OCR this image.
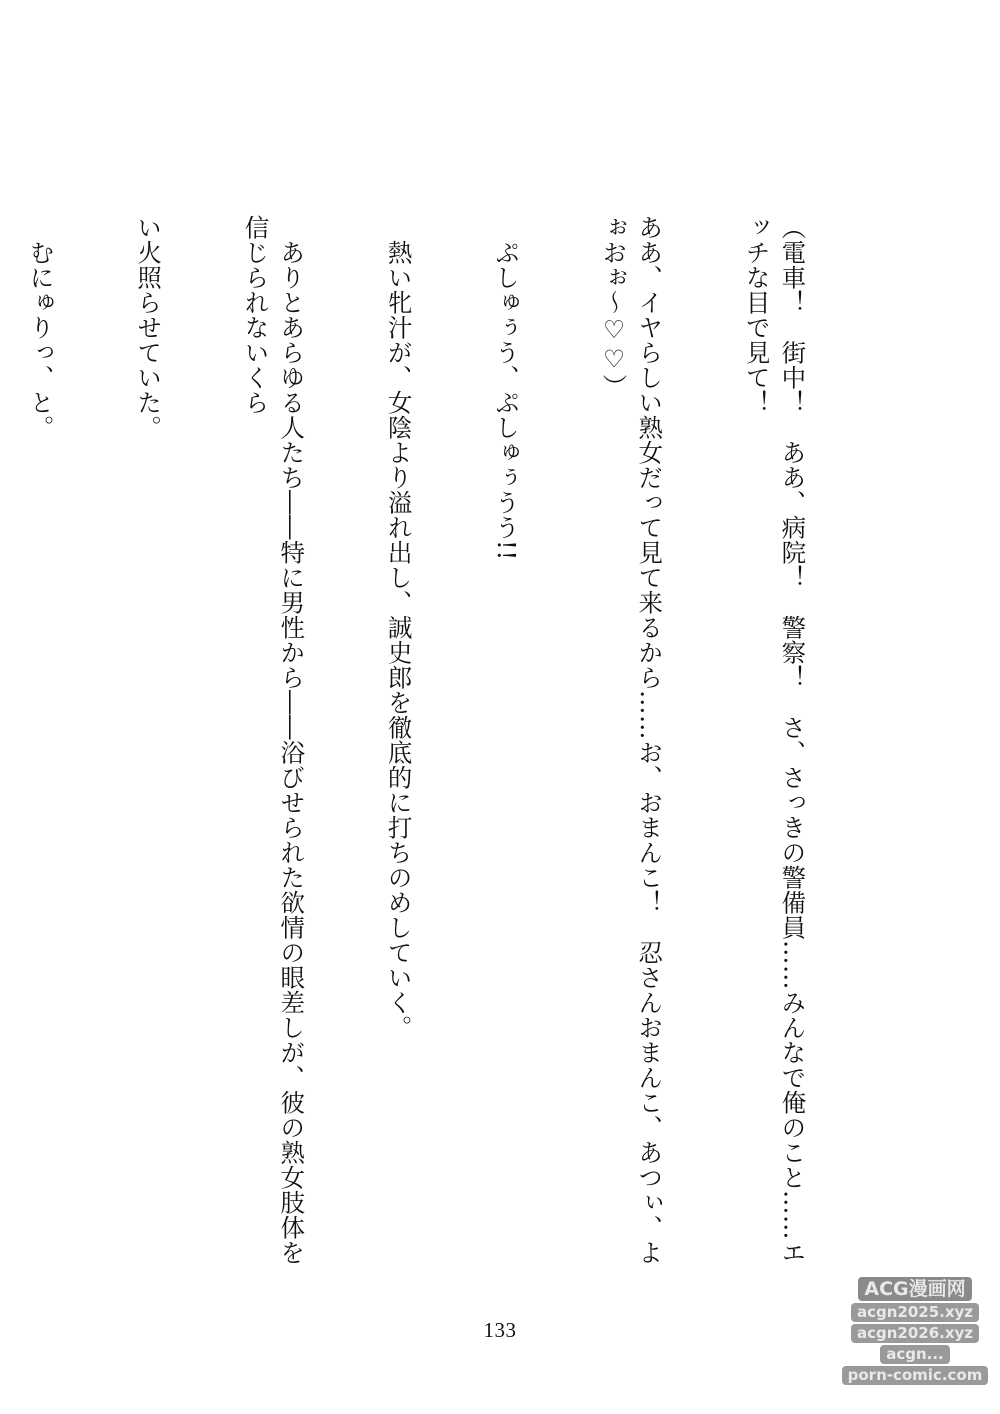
（電車！　街中！　ああ、病院！　警察！　さ、さっきの警備員……みんなで俺のこと……エッチな目で見て！

ああ、イヤらしい熟女だって見て来るから……お、おまんこ！　忍さんおまんこ、あつぃ、よぉおぉ～♡♡）

　ぷしゅぅう、ぷしゅぅうう!!

　熱い牝汁が、女陰より溢れ出し、誠史郎を徹底的に打ちのめしていく。

　ありとあらゆる人たち――特に男性から――浴びせられた欲情の眼差しが、彼の熟女肢体を信じられないくら

い火照らせていた。

　むにゅりっ、と。

133
ACG漫画网
acgn2025.xyz
acgn2026.xyz
acgn...
porn-comic.com
